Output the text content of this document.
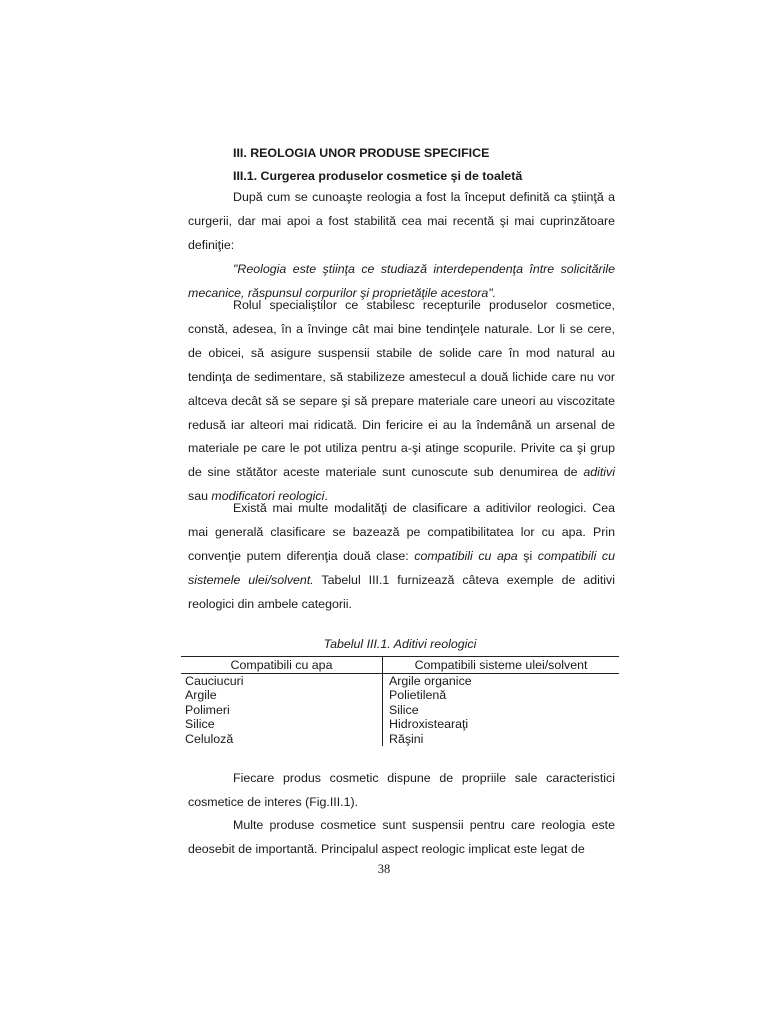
III. REOLOGIA UNOR PRODUSE SPECIFICE
III.1. Curgerea produselor cosmetice şi de toaletă

După cum se cunoaşte reologia a fost la început definită ca ştiinţă a curgerii, dar mai apoi a fost stabilită cea mai recentă şi mai cuprinzătoare definiţie:

"Reologia este ştiinţa ce studiază interdependenţa între solicitările mecanice, răspunsul corpurilor şi proprietăţile acestora".

Rolul specialiştilor ce stabilesc recepturile produselor cosmetice, constă, adesea, în a învinge cât mai bine tendinţele naturale. Lor li se cere, de obicei, să asigure suspensii stabile de solide care în mod natural au tendinţa de sedimentare, să stabilizeze amestecul a două lichide care nu vor altceva decât să se separe şi să prepare materiale care uneori au viscozitate redusă iar alteori mai ridicată. Din fericire ei au la îndemână un arsenal de materiale pe care le pot utiliza pentru a-şi atinge scopurile. Privite ca şi grup de sine stătător aceste materiale sunt cunoscute sub denumirea de aditivi sau modificatori reologici.

Există mai multe modalităţi de clasificare a aditivilor reologici. Cea mai generală clasificare se bazează pe compatibilitatea lor cu apa. Prin convenţie putem diferenţia două clase: compatibili cu apa şi compatibili cu sistemele ulei/solvent. Tabelul III.1 furnizează câteva exemple de aditivi reologici din ambele categorii.

Tabelul III.1. Aditivi reologici
Compatibili cu apa	Compatibili sisteme ulei/solvent
Cauciucuri	Argile organice
Argile	Polietilenă
Polimeri	Silice
Silice	Hidroxistearaţi
Celuloză	Răşini

Fiecare produs cosmetic dispune de propriile sale caracteristici cosmetice de interes (Fig.III.1).

Multe produse cosmetice sunt suspensii pentru care reologia este deosebit de importantă. Principalul aspect reologic implicat este legat de

38
